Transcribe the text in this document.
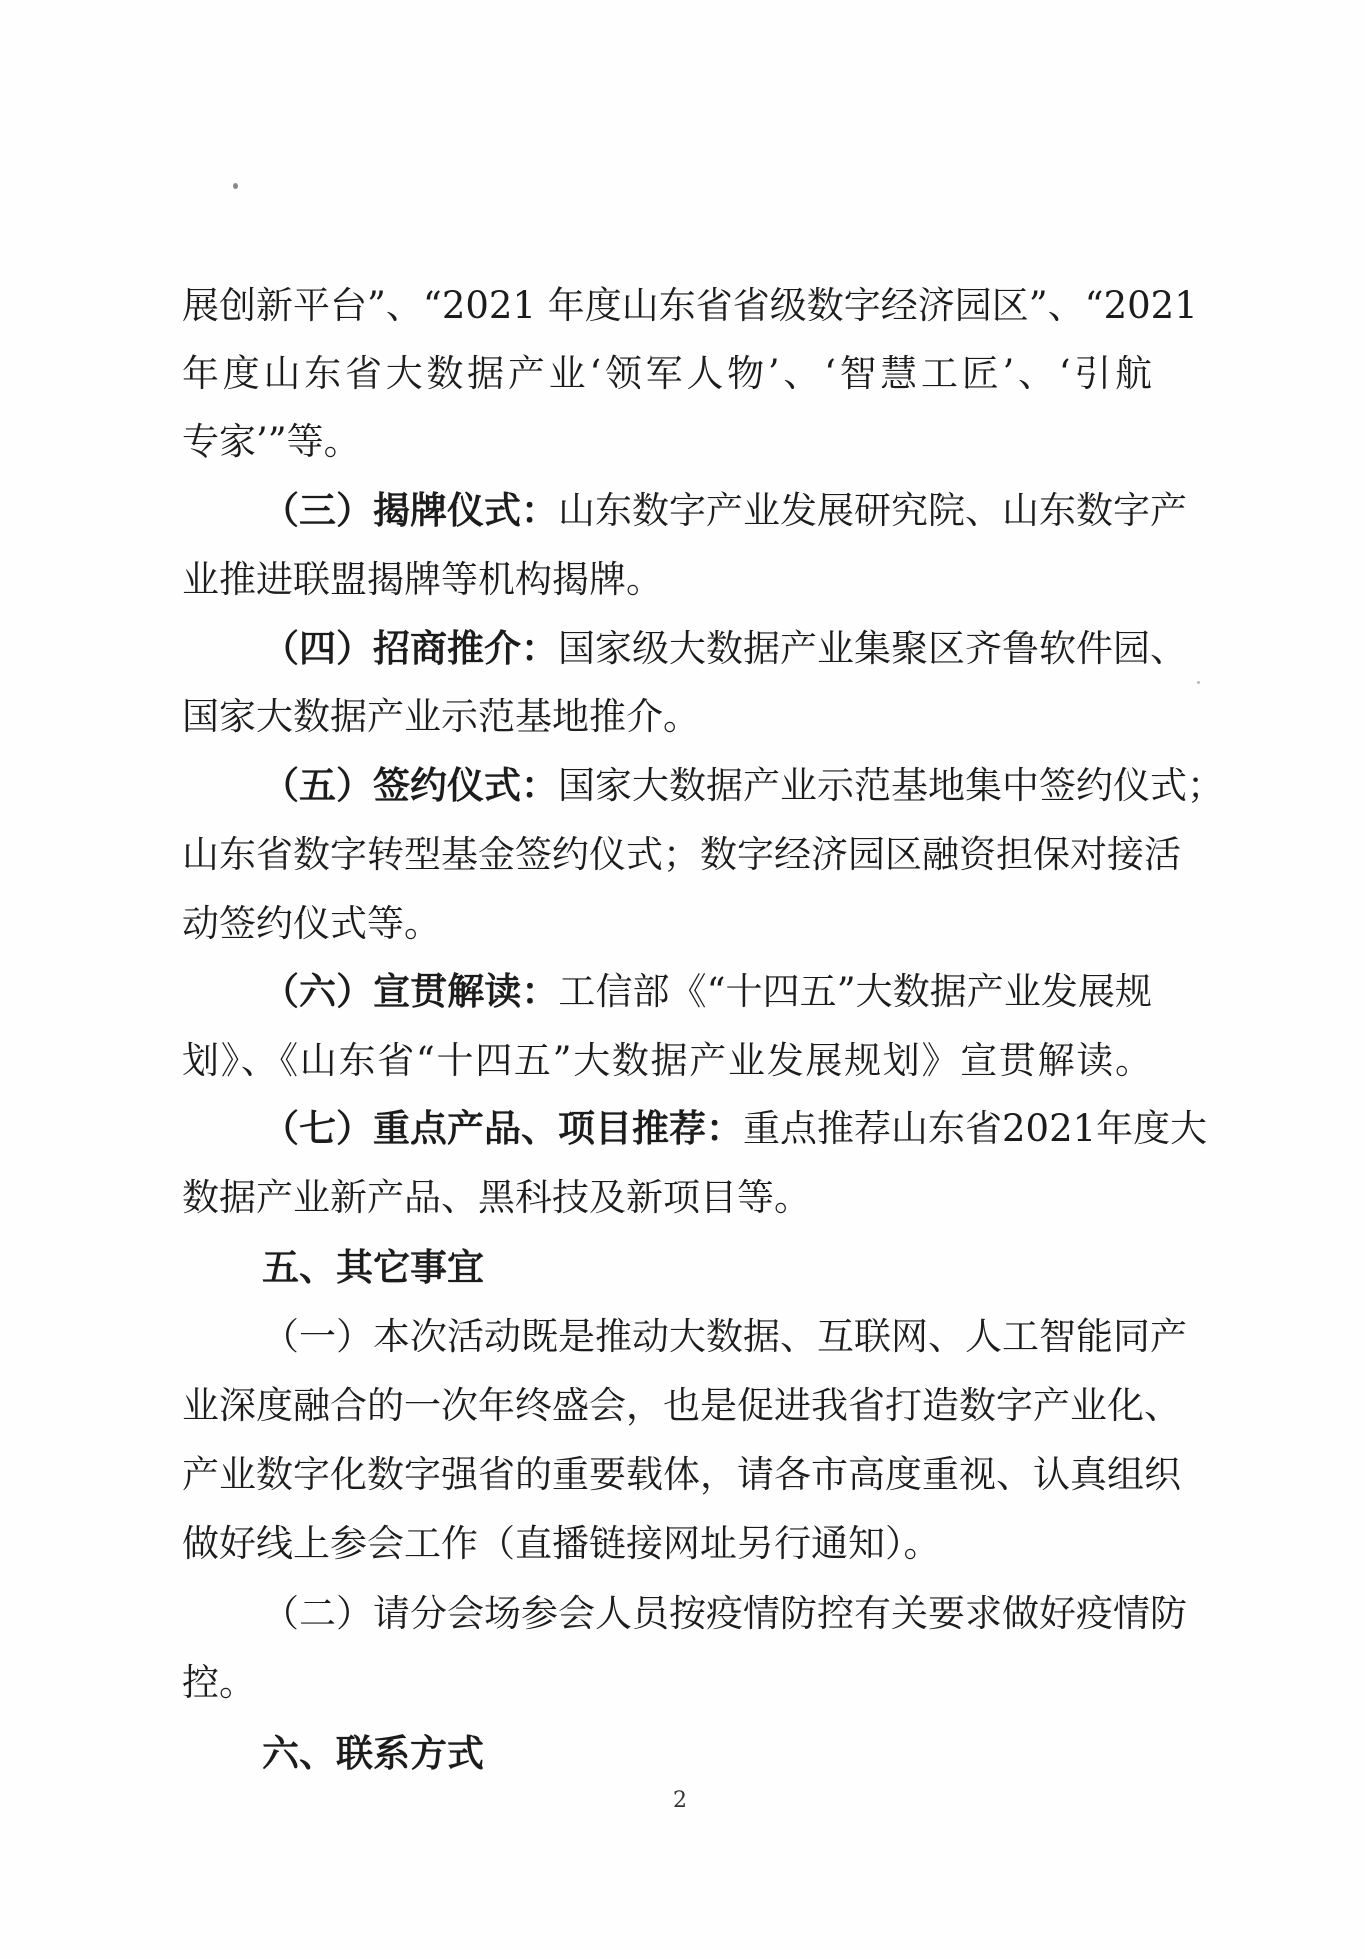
展创新平台”、“2021 年度山东省省级数字经济园区”、“2021
年度山东省大数据产业‘领军人物’、‘智慧工匠’、‘引航
专家’”等。
（三）揭牌仪式：山东数字产业发展研究院、山东数字产
业推进联盟揭牌等机构揭牌。
（四）招商推介：国家级大数据产业集聚区齐鲁软件园、
国家大数据产业示范基地推介。
（五）签约仪式：国家大数据产业示范基地集中签约仪式；
山东省数字转型基金签约仪式；数字经济园区融资担保对接活
动签约仪式等。
（六）宣贯解读：工信部《“十四五”大数据产业发展规
划》、《山东省“十四五”大数据产业发展规划》宣贯解读。
（七）重点产品、项目推荐：重点推荐山东省2021年度大
数据产业新产品、黑科技及新项目等。
五、其它事宜
（一）本次活动既是推动大数据、互联网、人工智能同产
业深度融合的一次年终盛会，也是促进我省打造数字产业化、
产业数字化数字强省的重要载体，请各市高度重视、认真组织
做好线上参会工作（直播链接网址另行通知）。
（二）请分会场参会人员按疫情防控有关要求做好疫情防
控。
六、联系方式
2
